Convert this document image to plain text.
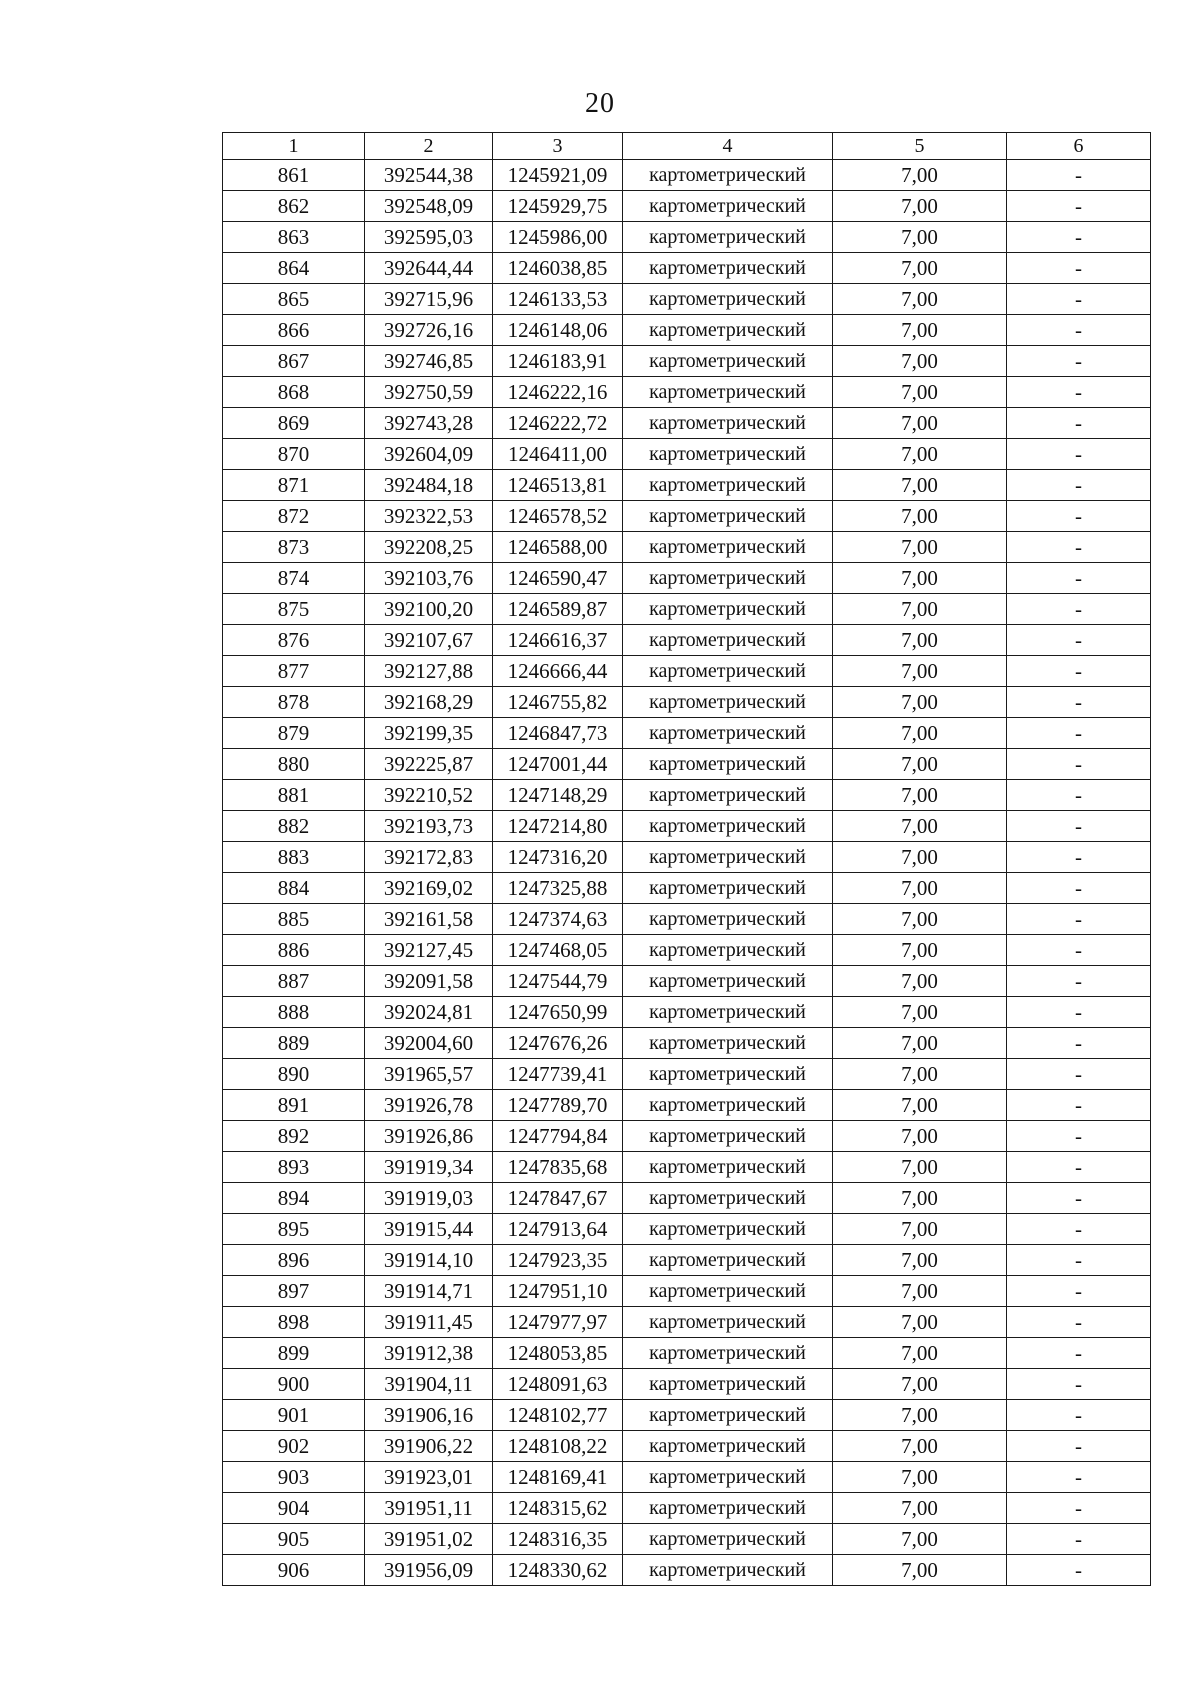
20
1	2	3	4	5	6
861	392544,38	1245921,09	картометрический	7,00	-
862	392548,09	1245929,75	картометрический	7,00	-
863	392595,03	1245986,00	картометрический	7,00	-
864	392644,44	1246038,85	картометрический	7,00	-
865	392715,96	1246133,53	картометрический	7,00	-
866	392726,16	1246148,06	картометрический	7,00	-
867	392746,85	1246183,91	картометрический	7,00	-
868	392750,59	1246222,16	картометрический	7,00	-
869	392743,28	1246222,72	картометрический	7,00	-
870	392604,09	1246411,00	картометрический	7,00	-
871	392484,18	1246513,81	картометрический	7,00	-
872	392322,53	1246578,52	картометрический	7,00	-
873	392208,25	1246588,00	картометрический	7,00	-
874	392103,76	1246590,47	картометрический	7,00	-
875	392100,20	1246589,87	картометрический	7,00	-
876	392107,67	1246616,37	картометрический	7,00	-
877	392127,88	1246666,44	картометрический	7,00	-
878	392168,29	1246755,82	картометрический	7,00	-
879	392199,35	1246847,73	картометрический	7,00	-
880	392225,87	1247001,44	картометрический	7,00	-
881	392210,52	1247148,29	картометрический	7,00	-
882	392193,73	1247214,80	картометрический	7,00	-
883	392172,83	1247316,20	картометрический	7,00	-
884	392169,02	1247325,88	картометрический	7,00	-
885	392161,58	1247374,63	картометрический	7,00	-
886	392127,45	1247468,05	картометрический	7,00	-
887	392091,58	1247544,79	картометрический	7,00	-
888	392024,81	1247650,99	картометрический	7,00	-
889	392004,60	1247676,26	картометрический	7,00	-
890	391965,57	1247739,41	картометрический	7,00	-
891	391926,78	1247789,70	картометрический	7,00	-
892	391926,86	1247794,84	картометрический	7,00	-
893	391919,34	1247835,68	картометрический	7,00	-
894	391919,03	1247847,67	картометрический	7,00	-
895	391915,44	1247913,64	картометрический	7,00	-
896	391914,10	1247923,35	картометрический	7,00	-
897	391914,71	1247951,10	картометрический	7,00	-
898	391911,45	1247977,97	картометрический	7,00	-
899	391912,38	1248053,85	картометрический	7,00	-
900	391904,11	1248091,63	картометрический	7,00	-
901	391906,16	1248102,77	картометрический	7,00	-
902	391906,22	1248108,22	картометрический	7,00	-
903	391923,01	1248169,41	картометрический	7,00	-
904	391951,11	1248315,62	картометрический	7,00	-
905	391951,02	1248316,35	картометрический	7,00	-
906	391956,09	1248330,62	картометрический	7,00	-
